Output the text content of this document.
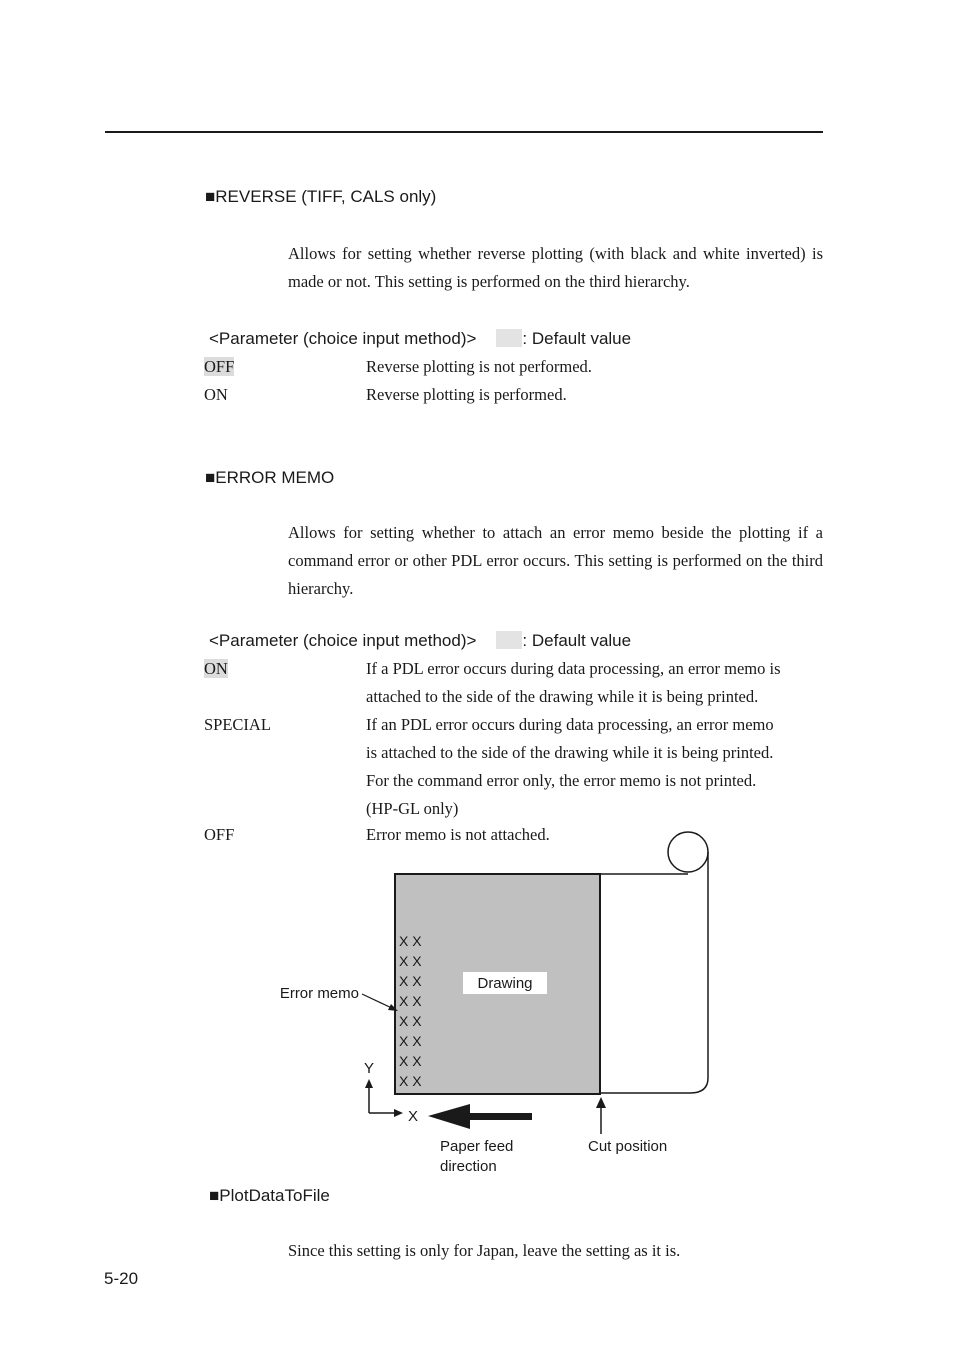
■REVERSE (TIFF, CALS only)
Allows for setting whether reverse plotting (with black and white inverted) is made or not. This setting is performed on the third hierarchy.
<Parameter (choice input method)>	: Default value
OFF	Reverse plotting is not performed.
ON	Reverse plotting is performed.
■ERROR MEMO
Allows for setting whether to attach an error memo beside the plotting if a command error or other PDL error occurs. This setting is performed on the third hierarchy.
<Parameter (choice input method)>	: Default value
ON	If a PDL error occurs during data processing, an error memo is
attached to the side of the drawing while it is being printed.
SPECIAL	If an PDL error occurs during data processing, an error memo
is attached to the side of the drawing while it is being printed.
For the command error only, the error memo is not printed.
(HP-GL only)
OFF	Error memo is not attached.
X X
X X
X X
X X
X X
X X
X X
X X
Drawing
Error memo
Y
X
Paper feed
direction
Cut position
■PlotDataToFile
Since this setting is only for Japan, leave the setting as it is.
5-20
